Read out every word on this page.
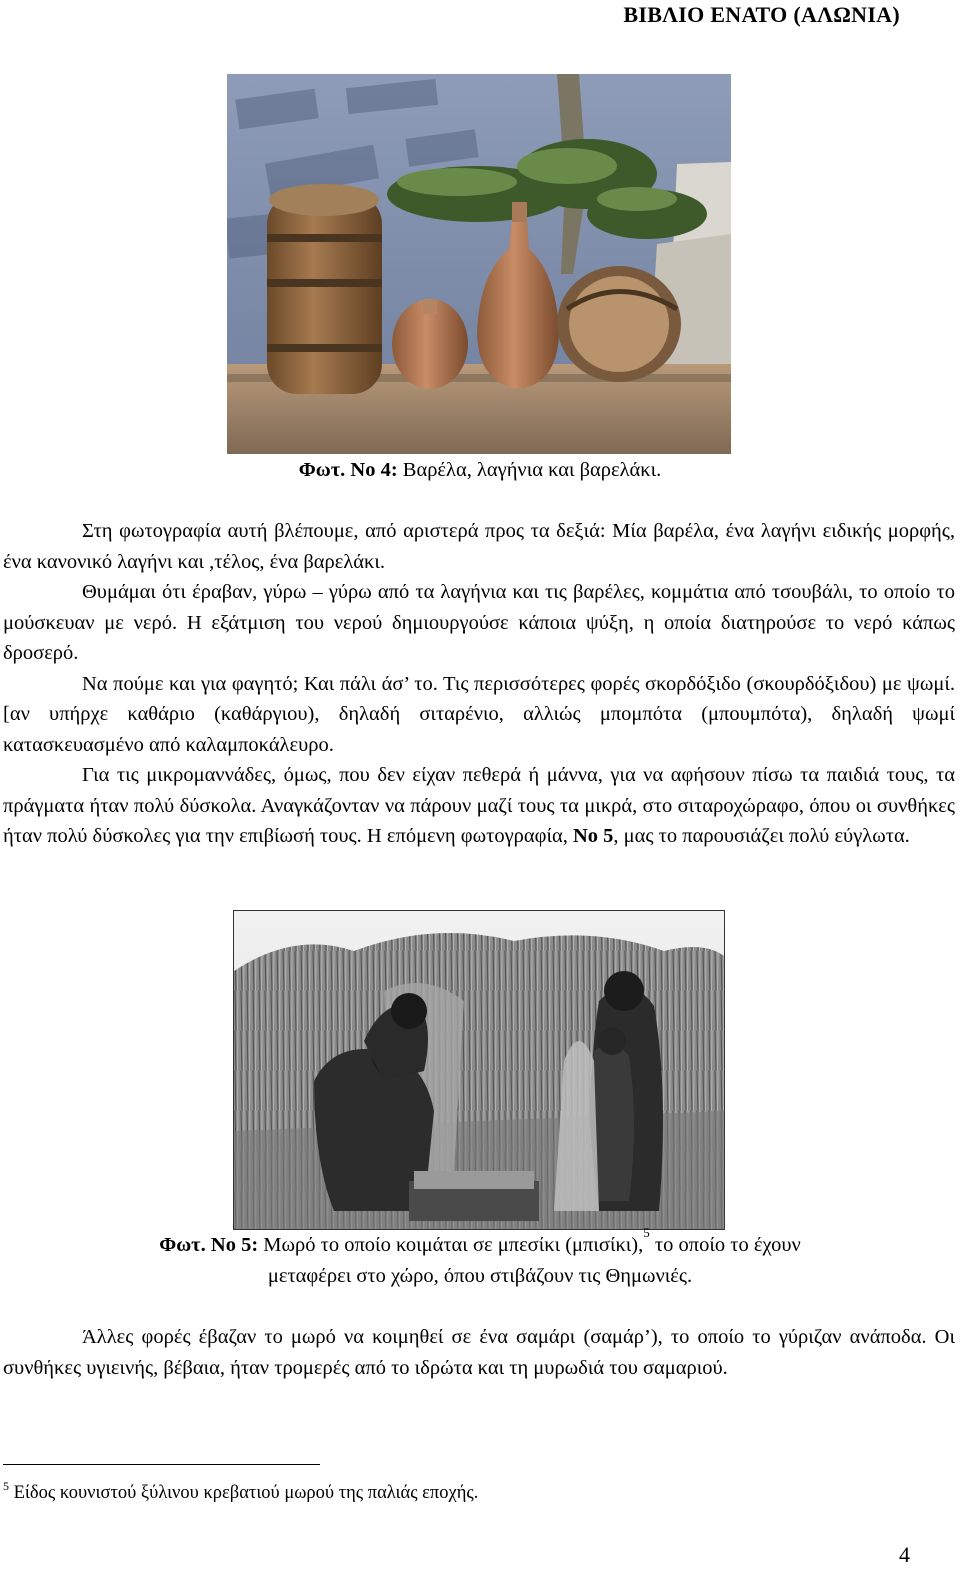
ΒΙΒΛΙΟ ΕΝΑΤΟ (ΑΛΩΝΙΑ)
Φωτ. Νο 4: Βαρέλα, λαγήνια και βαρελάκι.

Στη φωτογραφία αυτή βλέπουμε, από αριστερά προς τα δεξιά: Μία βαρέλα, ένα λαγήνι ειδικής μορφής, ένα κανονικό λαγήνι και ,τέλος, ένα βαρελάκι.

Θυμάμαι ότι έραβαν, γύρω – γύρω από τα λαγήνια και τις βαρέλες, κομμάτια από τσουβάλι, το οποίο το μούσκευαν με νερό. Η εξάτμιση του νερού δημιουργούσε κάποια ψύξη, η οποία διατηρούσε το νερό κάπως δροσερό.

Να πούμε και για φαγητό; Και πάλι άσ’ το. Τις περισσότερες φορές σκορδόξιδο (σκουρδόξιδου) με ψωμί. [αν υπήρχε καθάριο (καθάργιου), δηλαδή σιταρένιο, αλλιώς μπομπότα (μπουμπότα), δηλαδή ψωμί κατασκευασμένο από καλαμποκάλευρο.

Για τις μικρομαννάδες, όμως, που δεν είχαν πεθερά ή μάννα, για να αφήσουν πίσω τα παιδιά τους, τα πράγματα ήταν πολύ δύσκολα. Αναγκάζονταν να πάρουν μαζί τους τα μικρά, στο σιταροχώραφο, όπου οι συνθήκες ήταν πολύ δύσκολες για την επιβίωσή τους. Η επόμενη φωτογραφία, Νο 5, μας το παρουσιάζει πολύ εύγλωτα.

Φωτ. Νο 5: Μωρό το οποίο κοιμάται σε μπεσίκι (μπισίκι),$^5$ το οποίο το έχουν
μεταφέρει στο χώρο, όπου στιβάζουν τις Θημωνιές.

Άλλες φορές έβαζαν το μωρό να κοιμηθεί σε ένα σαμάρι (σαμάρ’), το οποίο το γύριζαν ανάποδα. Οι συνθήκες υγιεινής, βέβαια, ήταν τρομερές από το ιδρώτα και τη μυρωδιά του σαμαριού.

$^5$ Είδος κουνιστού ξύλινου κρεβατιού μωρού της παλιάς εποχής.
4
